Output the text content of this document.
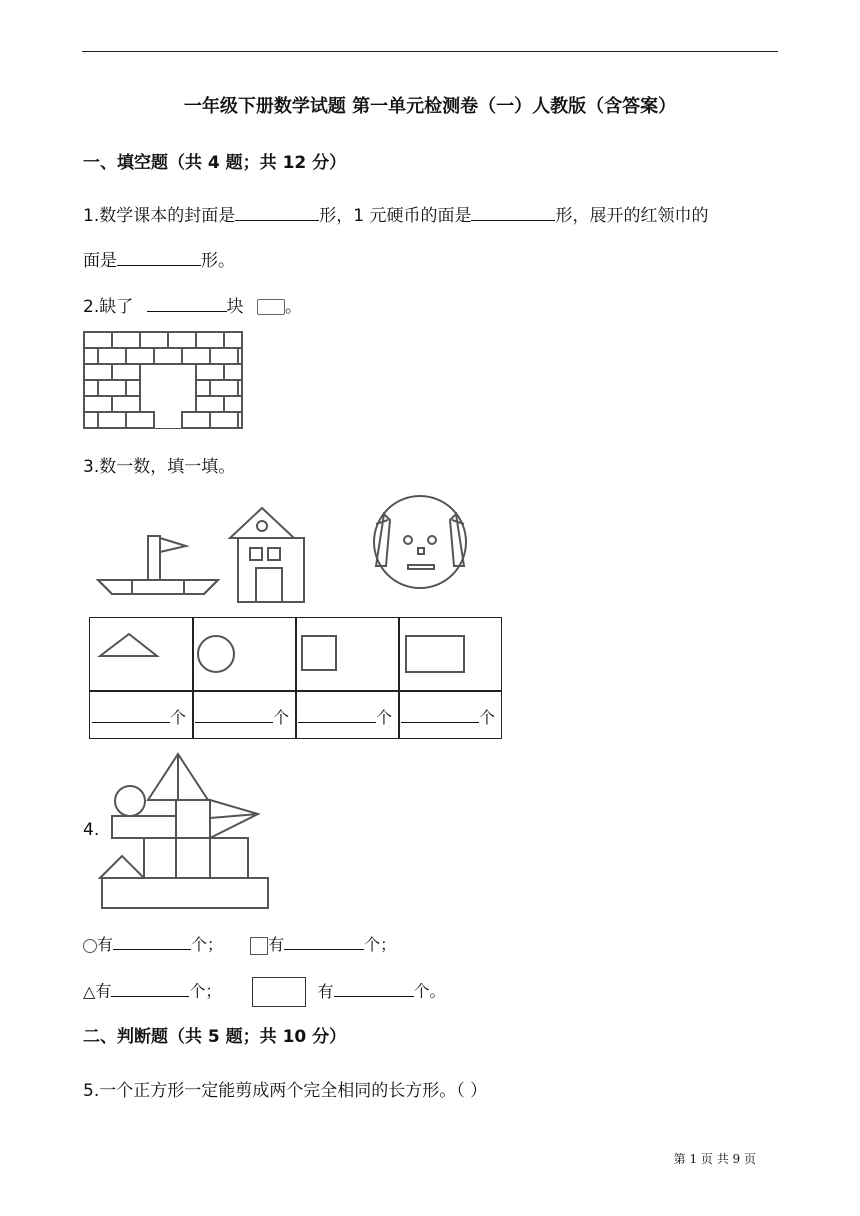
一年级下册数学试题 第一单元检测卷（一）人教版（含答案）
一、填空题（共 4 题；共 12 分）
1.数学课本的封面是	形，1 元硬币的面是	形，展开的红领巾的
面是	形。
2.缺了	块 。
3.数一数，填一填。
个	个	个	个
4.
有	个；	有	个；
△有	个；	有	个。
二、判断题（共 5 题；共 10 分）
5.一个正方形一定能剪成两个完全相同的长方形。（ ）
第 1 页 共 9 页
